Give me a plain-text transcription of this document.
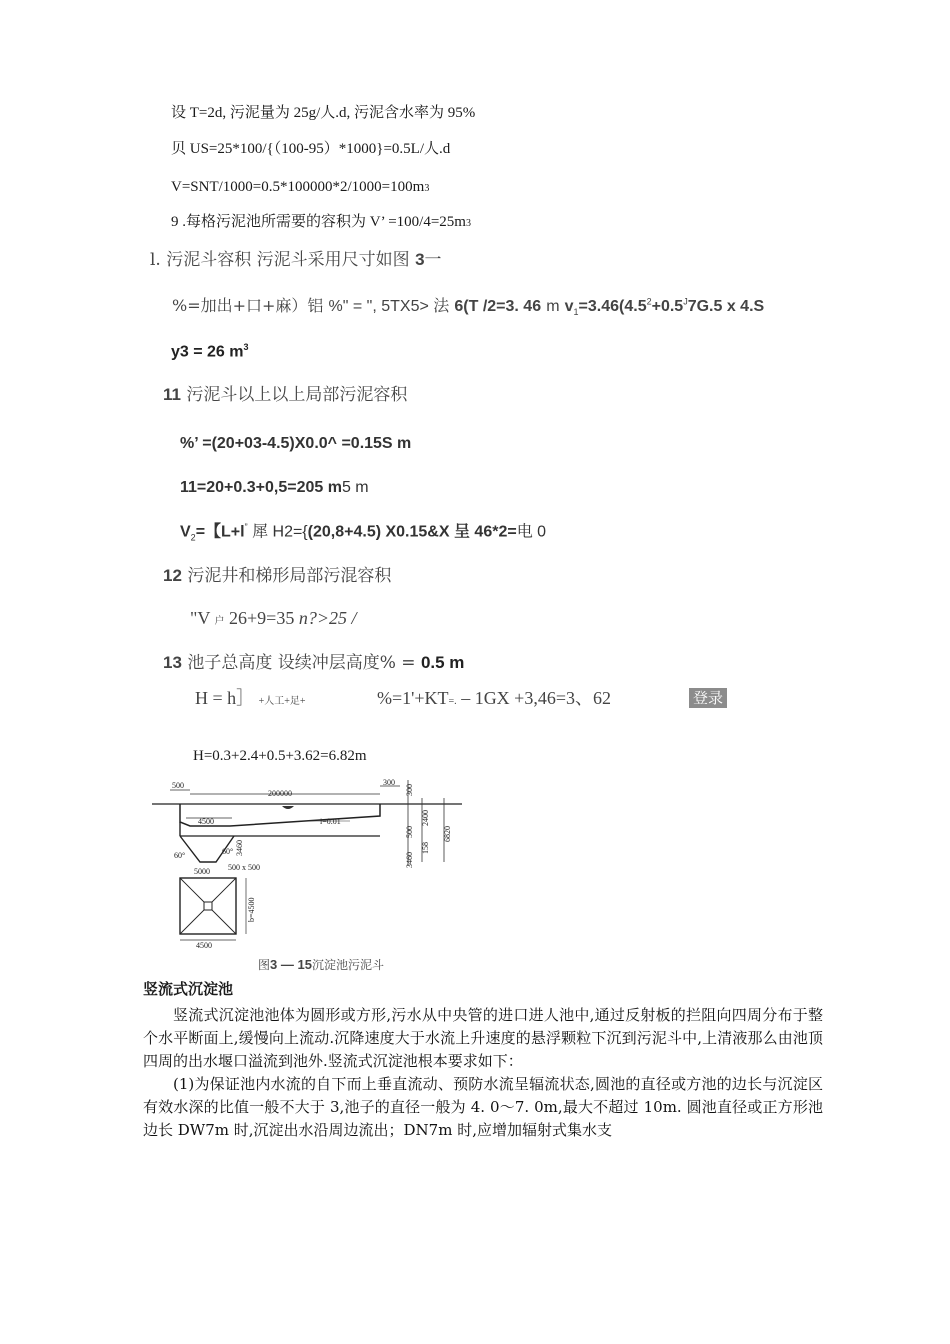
设 T=2d, 污泥量为 25g/人.d, 污泥含水率为 95%
贝 US=25*100/{（100-95）*1000}=0.5L/人.d
V=SNT/1000=0.5*100000*2/1000=100m3
9 .每格污泥池所需要的容积为 V’ =100/4=25m3
l. 污泥斗容积 污泥斗采用尺寸如图 3一
%=加出+口+麻）铝 %" = ", 5TX5> 法 6(T /2=3. 46 m $v_1=3.46(4.5^2+0.5^J7G.5$ x 4.S
y3 = 26 $m^3$
11 污泥斗以上以上局部污泥容积
%’ =(20+03-4.5)X0.0^ =0.15S m
11=20+0.3+0,5=205 m5 m
$V_2=$【L+l” 犀 H2={(20,8+4.5) X0.15&X 呈 46*2=电 0
12 污泥井和梯形局部污混容积
"V 户 26+9=35 n?>25 /
13 池子总高度 设续冲层高度% = 0.5 m
H = h］ +人工+足+	%=1'+KT=. – 1GX +3,46=3、62	登录
H=0.3+2.4+0.5+3.62=6.82m
500
200000
300
4500	i=0.01
60°	60° 3460
5000 500 x 500
300
500
3460
158
2400
6820
b=4500
4500
图3 — 15沉淀池污泥斗
竖流式沉淀池

竖流式沉淀池池体为圆形或方形,污水从中央管的进口进人池中,通过反射板的拦阻向四周分布于整个水平断面上,缓慢向上流动.沉降速度大于水流上升速度的悬浮颗粒下沉到污泥斗中,上清液那么由池顶四周的出水堰口溢流到池外.竖流式沉淀池根本要求如下：

(1)为保证池内水流的自下而上垂直流动、预防水流呈辐流状态,圆池的直径或方池的边长与沉淀区有效水深的比值一般不大于 3,池子的直径一般为 4. 0〜7. 0m,最大不超过 10m. 圆池直径或正方形池边长 DW7m 时,沉淀出水沿周边流出；DN7m 时,应增加辐射式集水支
